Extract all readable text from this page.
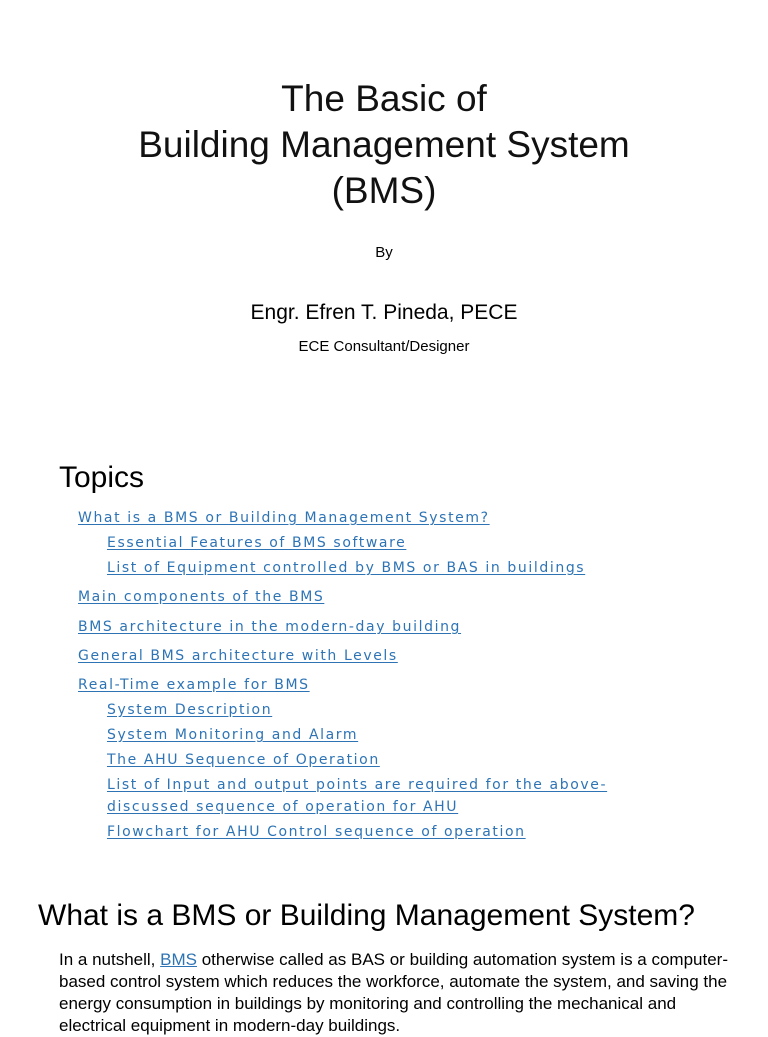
The Basic of
Building Management System
(BMS)
By
Engr. Efren T. Pineda, PECE
ECE Consultant/Designer
Topics
What is a BMS or Building Management System?
Essential Features of BMS software
List of Equipment controlled by BMS or BAS in buildings
Main components of the BMS
BMS architecture in the modern-day building
General BMS architecture with Levels
Real-Time example for BMS
System Description
System Monitoring and Alarm
The AHU Sequence of Operation
List of Input and output points are required for the above-
discussed sequence of operation for AHU
Flowchart for AHU Control sequence of operation
What is a BMS or Building Management System?

In a nutshell, BMS otherwise called as BAS or building automation system is a computer-based control system which reduces the workforce, automate the system, and saving the energy consumption in buildings by monitoring and controlling the mechanical and electrical equipment in modern-day buildings.
